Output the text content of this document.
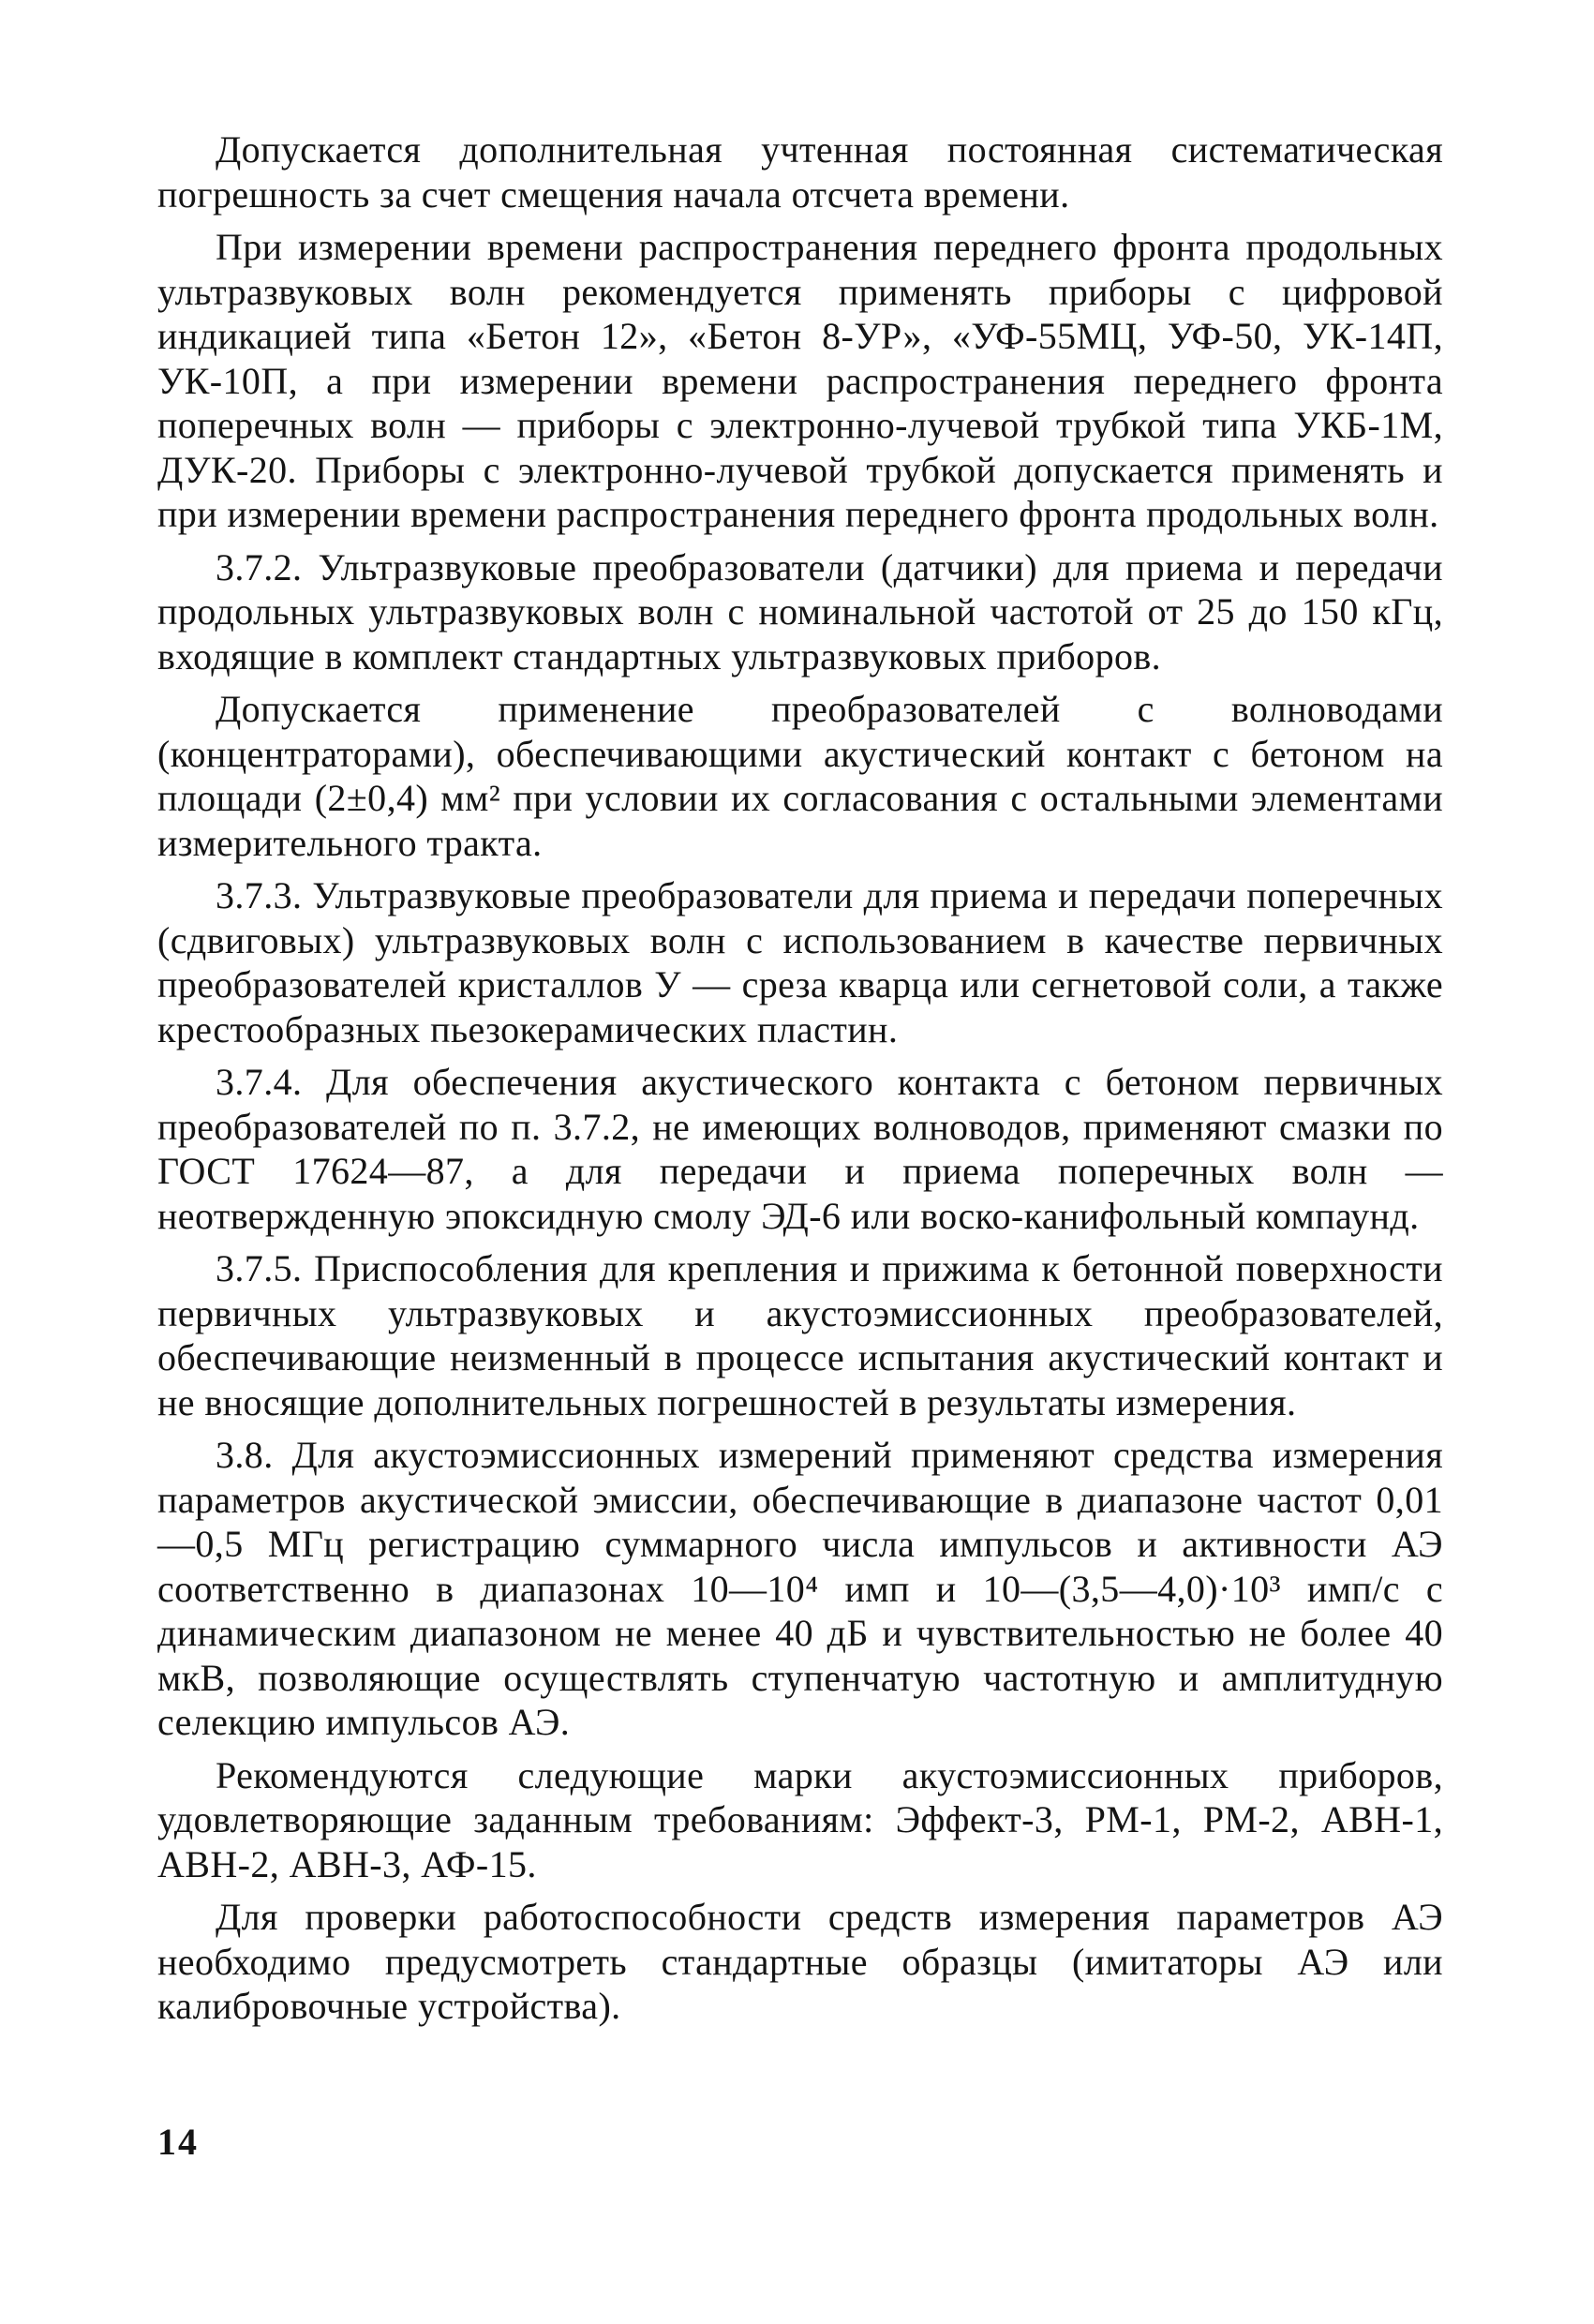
Допускается дополнительная учтенная постоянная систематическая погрешность за счет смещения начала отсчета времени.

При измерении времени распространения переднего фронта продольных ультразвуковых волн рекомендуется применять приборы с цифровой индикацией типа «Бетон 12», «Бетон 8-УР», «УФ-55МЦ, УФ-50, УК-14П, УК-10П, а при измерении времени распространения переднего фронта поперечных волн — приборы с электронно-лучевой трубкой типа УКБ-1М, ДУК-20. Приборы с электронно-лучевой трубкой допускается применять и при измерении времени распространения переднего фронта продольных волн.

3.7.2. Ультразвуковые преобразователи (датчики) для приема и передачи продольных ультразвуковых волн с номинальной частотой от 25 до 150 кГц, входящие в комплект стандартных ультразвуковых приборов.

Допускается применение преобразователей с волноводами (концентраторами), обеспечивающими акустический контакт с бетоном на площади (2±0,4) мм² при условии их согласования с остальными элементами измерительного тракта.

3.7.3. Ультразвуковые преобразователи для приема и передачи поперечных (сдвиговых) ультразвуковых волн с использованием в качестве первичных преобразователей кристаллов У — среза кварца или сегнетовой соли, а также крестообразных пьезокерамических пластин.

3.7.4. Для обеспечения акустического контакта с бетоном первичных преобразователей по п. 3.7.2, не имеющих волноводов, применяют смазки по ГОСТ 17624—87, а для передачи и приема поперечных волн — неотвержденную эпоксидную смолу ЭД-6 или воско-канифольный компаунд.

3.7.5. Приспособления для крепления и прижима к бетонной поверхности первичных ультразвуковых и акустоэмиссионных преобразователей, обеспечивающие неизменный в процессе испытания акустический контакт и не вносящие дополнительных погрешностей в результаты измерения.

3.8. Для акустоэмиссионных измерений применяют средства измерения параметров акустической эмиссии, обеспечивающие в диапазоне частот 0,01—0,5 МГц регистрацию суммарного числа импульсов и активности АЭ соответственно в диапазонах 10—10⁴ имп и 10—(3,5—4,0)·10³ имп/с с динамическим диапазоном не менее 40 дБ и чувствительностью не более 40 мкВ, позволяющие осуществлять ступенчатую частотную и амплитудную селекцию импульсов АЭ.

Рекомендуются следующие марки акустоэмиссионных приборов, удовлетворяющие заданным требованиям: Эффект-3, РМ-1, РМ-2, АВН-1, АВН-2, АВН-3, АФ-15.

Для проверки работоспособности средств измерения параметров АЭ необходимо предусмотреть стандартные образцы (имитаторы АЭ или калибровочные устройства).

14
